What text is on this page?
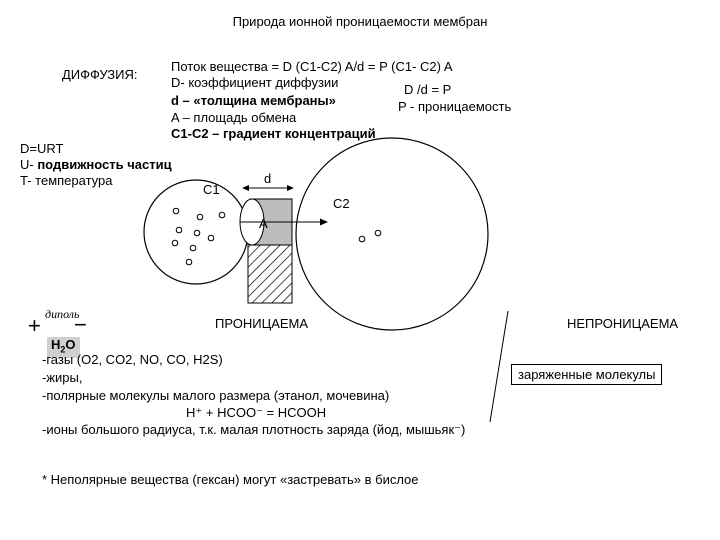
Природа ионной проницаемости мембран
ДИФФУЗИЯ:
Поток вещества = D (C1-C2) A/d = P (C1- C2) A
D- коэффициент диффузии	D /d = P
d – «толщина мембраны»	P - проницаемость
A – площадь обмена
C1-C2 – градиент концентраций
D=URT
U- подвижность частиц
T- температура
C1
d
C2
A
диполь
+ −
$H_2O$
ПРОНИЦАЕМА
-газы (O2, CO2, NO, CO, H2S)
-жиры,
-полярные молекулы малого размера (этанол, мочевина)
H⁺ + HCOO⁻ = HCOOH
-ионы большого радиуса, т.к. малая плотность заряда (йод, мышьяк⁻)
НЕПРОНИЦАЕМА
заряженные молекулы
* Неполярные вещества (гексан) могут «застревать» в бислое
